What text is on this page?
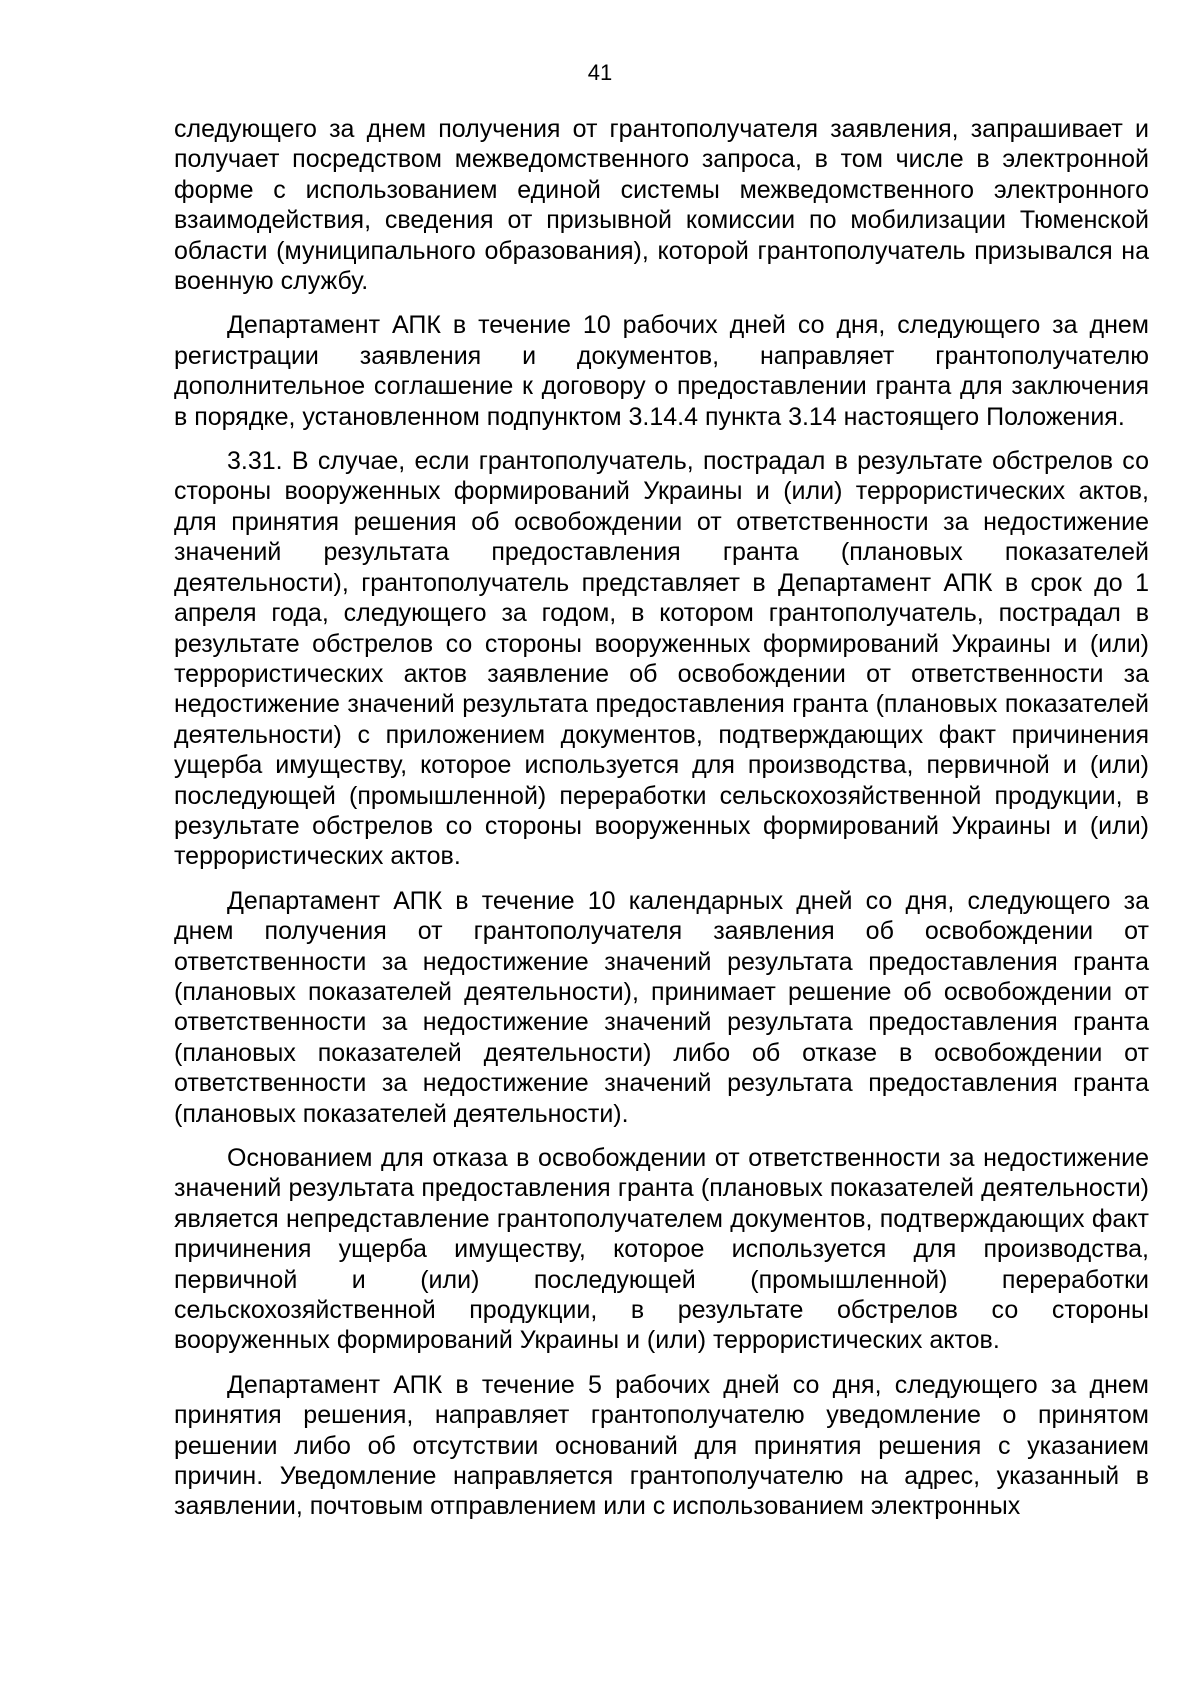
41

следующего за днем получения от грантополучателя заявления, запрашивает и получает посредством межведомственного запроса, в том числе в электронной форме с использованием единой системы межведомственного электронного взаимодействия, сведения от призывной комиссии по мобилизации Тюменской области (муниципального образования), которой грантополучатель призывался на военную службу.

Департамент АПК в течение 10 рабочих дней со дня, следующего за днем регистрации заявления и документов, направляет грантополучателю дополнительное соглашение к договору о предоставлении гранта для заключения в порядке, установленном подпунктом 3.14.4 пункта 3.14 настоящего Положения.

3.31. В случае, если грантополучатель, пострадал в результате обстрелов со стороны вооруженных формирований Украины и (или) террористических актов, для принятия решения об освобождении от ответственности за недостижение значений результата предоставления гранта (плановых показателей деятельности), грантополучатель представляет в Департамент АПК в срок до 1 апреля года, следующего за годом, в котором грантополучатель, пострадал в результате обстрелов со стороны вооруженных формирований Украины и (или) террористических актов заявление об освобождении от ответственности за недостижение значений результата предоставления гранта (плановых показателей деятельности) с приложением документов, подтверждающих факт причинения ущерба имуществу, которое используется для производства, первичной и (или) последующей (промышленной) переработки сельскохозяйственной продукции, в результате обстрелов со стороны вооруженных формирований Украины и (или) террористических актов.

Департамент АПК в течение 10 календарных дней со дня, следующего за днем получения от грантополучателя заявления об освобождении от ответственности за недостижение значений результата предоставления гранта (плановых показателей деятельности), принимает решение об освобождении от ответственности за недостижение значений результата предоставления гранта (плановых показателей деятельности) либо об отказе в освобождении от ответственности за недостижение значений результата предоставления гранта (плановых показателей деятельности).

Основанием для отказа в освобождении от ответственности за недостижение значений результата предоставления гранта (плановых показателей деятельности) является непредставление грантополучателем документов, подтверждающих факт причинения ущерба имуществу, которое используется для производства, первичной и (или) последующей (промышленной) переработки сельскохозяйственной продукции, в результате обстрелов со стороны вооруженных формирований Украины и (или) террористических актов.

Департамент АПК в течение 5 рабочих дней со дня, следующего за днем принятия решения, направляет грантополучателю уведомление о принятом решении либо об отсутствии оснований для принятия решения с указанием причин. Уведомление направляется грантополучателю на адрес, указанный в заявлении, почтовым отправлением или с использованием электронных
